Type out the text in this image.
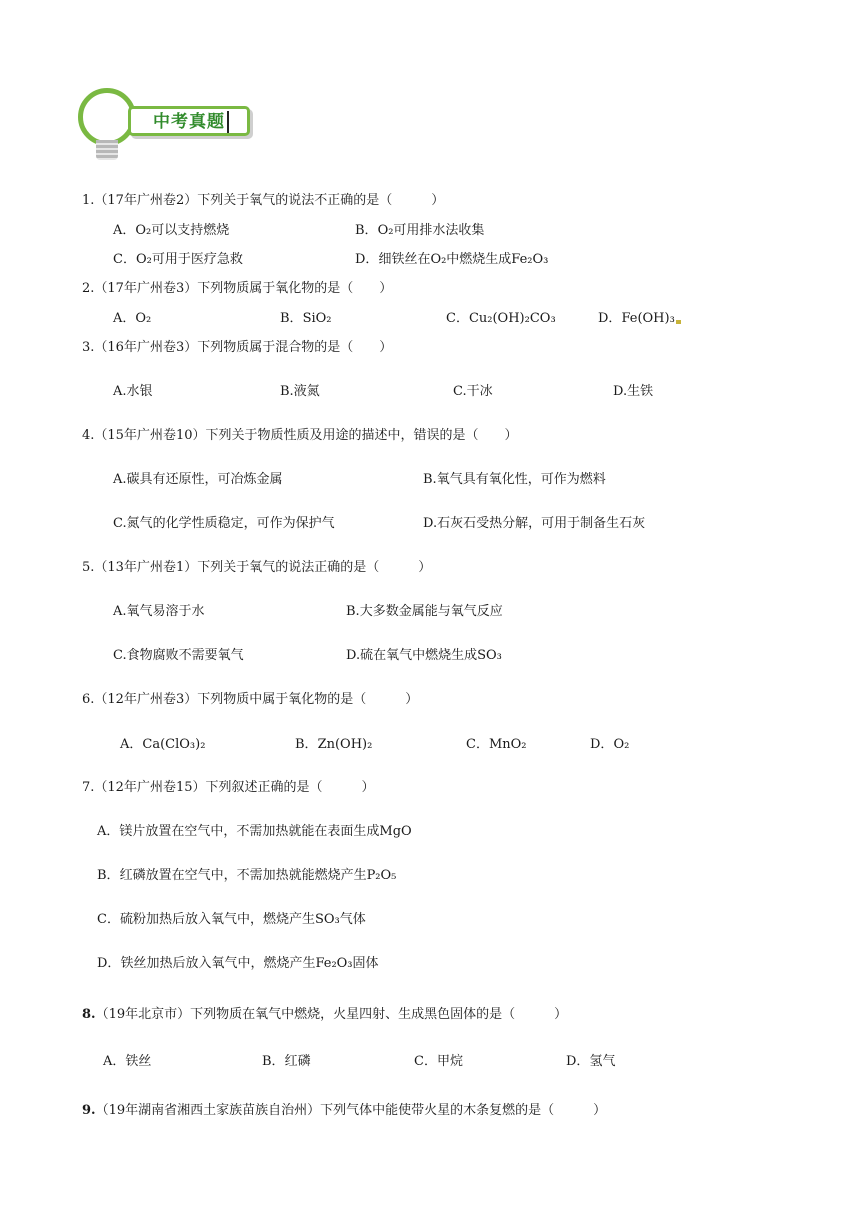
中考真题
1.（17年广州卷2）下列关于氧气的说法不正确的是（　　　）
A．O₂可以支持燃烧	B．O₂可用排水法收集
C．O₂可用于医疗急救	D．细铁丝在O₂中燃烧生成Fe₂O₃
2.（17年广州卷3）下列物质属于氧化物的是（　　）
A．O₂	B．SiO₂	C．Cu₂(OH)₂CO₃	D．Fe(OH)₃
3.（16年广州卷3）下列物质属于混合物的是（　　）
A.水银	B.液氮	C.干冰	D.生铁
4.（15年广州卷10）下列关于物质性质及用途的描述中，错误的是（　　）
A.碳具有还原性，可冶炼金属	B.氧气具有氧化性，可作为燃料
C.氮气的化学性质稳定，可作为保护气	D.石灰石受热分解，可用于制备生石灰
5.（13年广州卷1）下列关于氧气的说法正确的是（　　　）
A.氧气易溶于水	B.大多数金属能与氧气反应
C.食物腐败不需要氧气	D.硫在氧气中燃烧生成SO₃
6.（12年广州卷3）下列物质中属于氧化物的是（　　　）
A．Ca(ClO₃)₂	B．Zn(OH)₂	C．MnO₂	D．O₂
7.（12年广州卷15）下列叙述正确的是（　　　）
A．镁片放置在空气中，不需加热就能在表面生成MgO
B．红磷放置在空气中，不需加热就能燃烧产生P₂O₅
C．硫粉加热后放入氧气中，燃烧产生SO₃气体
D．铁丝加热后放入氧气中，燃烧产生Fe₂O₃固体
8.（19年北京市）下列物质在氧气中燃烧，火星四射、生成黑色固体的是（　　　）
A．铁丝	B．红磷	C．甲烷	D．氢气
9.（19年湖南省湘西土家族苗族自治州）下列气体中能使带火星的木条复燃的是（　　　）
